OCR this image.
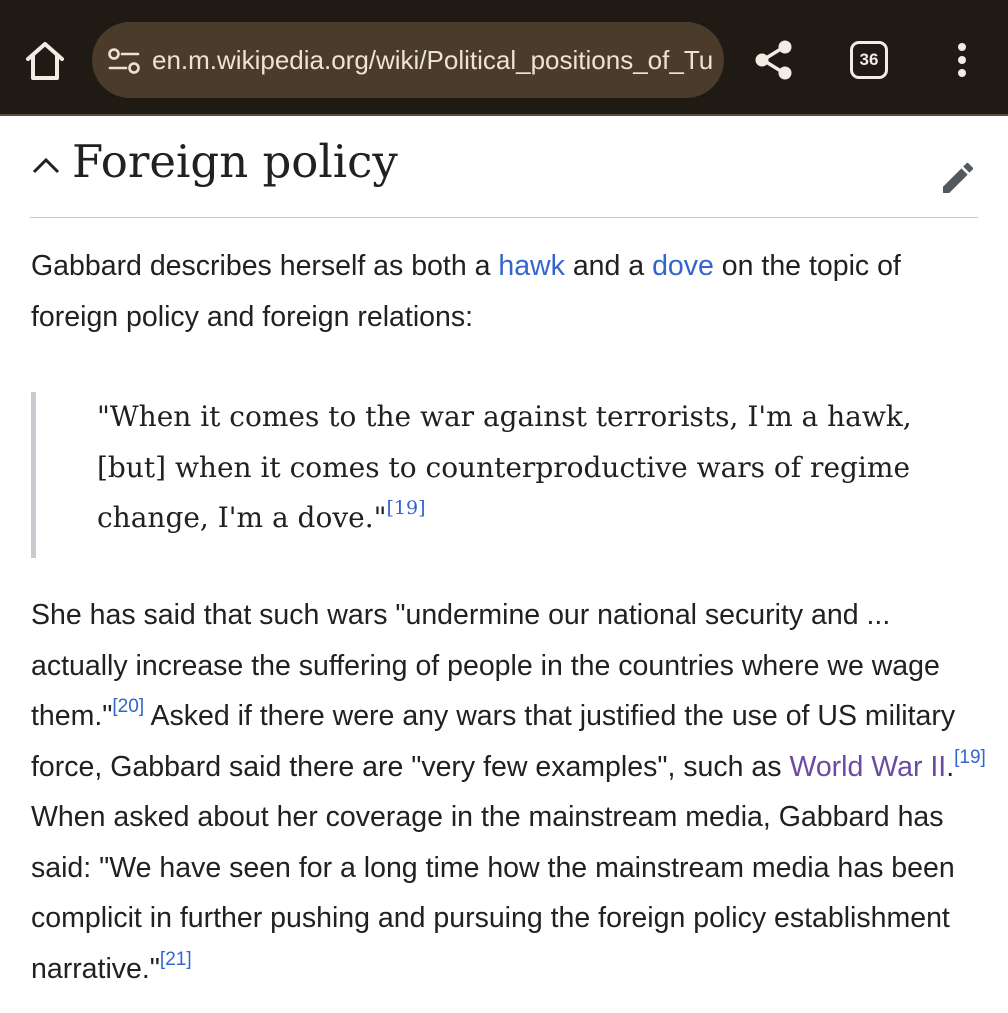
en.m.wikipedia.org/wiki/Political_positions_of_Tu	36
Foreign policy
Gabbard describes herself as both a hawk and a dove on the topic of foreign policy and foreign relations:
"When it comes to the war against terrorists, I'm a hawk, [but] when it comes to counterproductive wars of regime change, I'm a dove."[19]
She has said that such wars "undermine our national security and ... actually increase the suffering of people in the countries where we wage them."[20] Asked if there were any wars that justified the use of US military force, Gabbard said there are "very few examples", such as World War II.[19] When asked about her coverage in the mainstream media, Gabbard has said: "We have seen for a long time how the mainstream media has been complicit in further pushing and pursuing the foreign policy establishment narrative."[21]
